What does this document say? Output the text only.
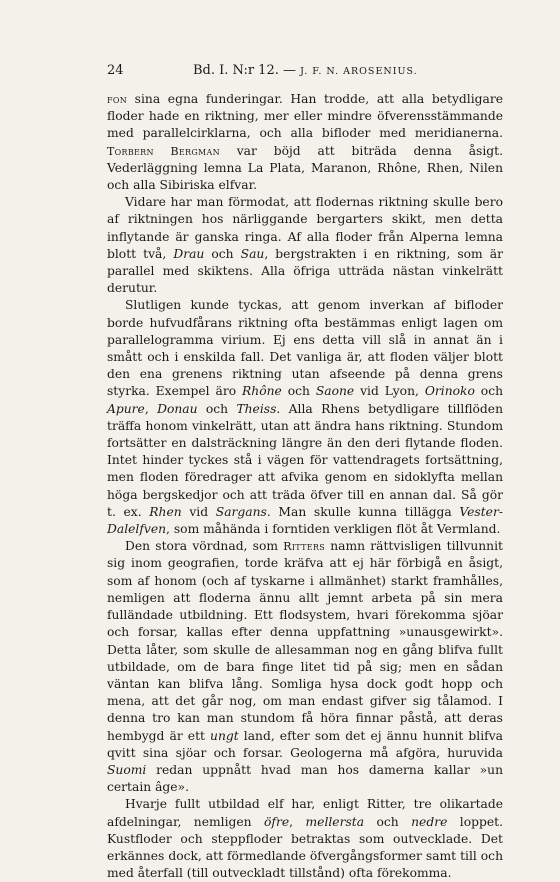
24	Bd. I. N:r 12. — J. F. N. AROSENIUS.

fon sina egna funderingar. Han trodde, att alla betydligare floder hade en riktning, mer eller mindre öfverensstämmande med parallelcirklarna, och alla bifloder med meridianerna. Torbern Bergman var böjd att biträda denna åsigt. Vederläggning lemna La Plata, Maranon, Rhône, Rhen, Nilen och alla Sibiriska elfvar.

Vidare har man förmodat, att flodernas riktning skulle bero af riktningen hos närliggande bergarters skikt, men detta inflytande är ganska ringa. Af alla floder från Alperna lemna blott två, Drau och Sau, bergstrakten i en riktning, som är parallel med skiktens. Alla öfriga utträda nästan vinkelrätt derutur.

Slutligen kunde tyckas, att genom inverkan af bifloder borde hufvudfårans riktning ofta bestämmas enligt lagen om parallelogramma virium. Ej ens detta vill slå in annat än i smått och i enskilda fall. Det vanliga är, att floden väljer blott den ena grenens riktning utan afseende på denna grens styrka. Exempel äro Rhône och Saone vid Lyon, Orinoko och Apure, Donau och Theiss. Alla Rhens betydligare tillflöden träffa honom vinkelrätt, utan att ändra hans riktning. Stundom fortsätter en dalsträckning längre än den deri flytande floden. Intet hinder tyckes stå i vägen för vattendragets fortsättning, men floden föredrager att afvika genom en sidoklyfta mellan höga bergskedjor och att träda öfver till en annan dal. Så gör t. ex. Rhen vid Sargans. Man skulle kunna tillägga Vester-Dalelfven, som måhända i forntiden verkligen flöt åt Vermland.

Den stora vördnad, som Ritters namn rättvisligen tillvunnit sig inom geografien, torde kräfva att ej här förbigå en åsigt, som af honom (och af tyskarne i allmänhet) starkt framhålles, nemligen att floderna ännu allt jemnt arbeta på sin mera fulländade utbildning. Ett flodsystem, hvari förekomma sjöar och forsar, kallas efter denna uppfattning »unausgewirkt». Detta låter, som skulle de allesamman nog en gång blifva fullt utbildade, om de bara finge litet tid på sig; men en sådan väntan kan blifva lång. Somliga hysa dock godt hopp och mena, att det går nog, om man endast gifver sig tålamod. I denna tro kan man stundom få höra finnar påstå, att deras hembygd är ett ungt land, efter som det ej ännu hunnit blifva qvitt sina sjöar och forsar. Geologerna må afgöra, huruvida Suomi redan uppnått hvad man hos damerna kallar »un certain âge».

Hvarje fullt utbildad elf har, enligt Ritter, tre olikartade afdelningar, nemligen öfre, mellersta och nedre loppet. Kustfloder och steppfloder betraktas som outvecklade. Det erkännes dock, att förmedlande öfvergångsformer samt till och med återfall (till outveckladt tillstånd) ofta förekomma.
